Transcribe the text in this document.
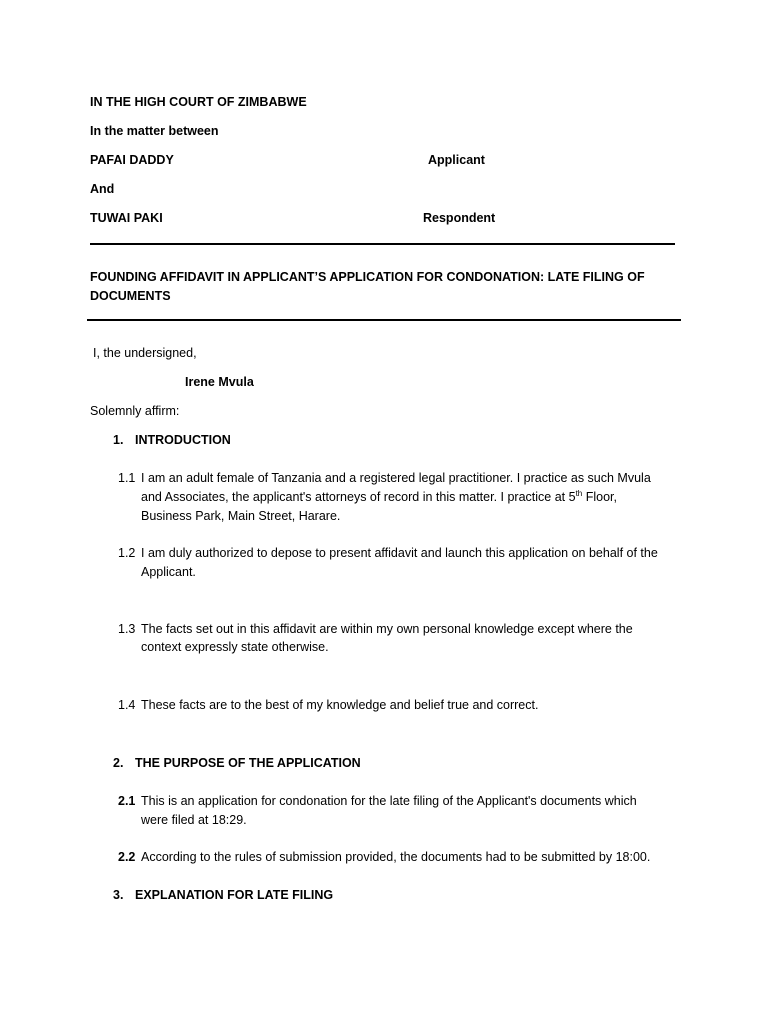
IN THE HIGH COURT OF ZIMBABWE
In the matter between
PAFAI DADDY	Applicant
And
TUWAI PAKI	Respondent
FOUNDING AFFIDAVIT IN APPLICANT’S APPLICATION FOR CONDONATION: LATE FILING OF
DOCUMENTS
I, the undersigned,
Irene Mvula
Solemnly affirm:
1. INTRODUCTION
1.1 I am an adult female of Tanzania and a registered legal practitioner. I practice as such Mvula
and Associates, the applicant's attorneys of record in this matter. I practice at 5th Floor,
Business Park, Main Street, Harare.
1.2 I am duly authorized to depose to present affidavit and launch this application on behalf of the
Applicant.
1.3 The facts set out in this affidavit are within my own personal knowledge except where the
context expressly state otherwise.
1.4 These facts are to the best of my knowledge and belief true and correct.
2. THE PURPOSE OF THE APPLICATION
2.1 This is an application for condonation for the late filing of the Applicant's documents which
were filed at 18:29.
2.2 According to the rules of submission provided, the documents had to be submitted by 18:00.
3. EXPLANATION FOR LATE FILING
